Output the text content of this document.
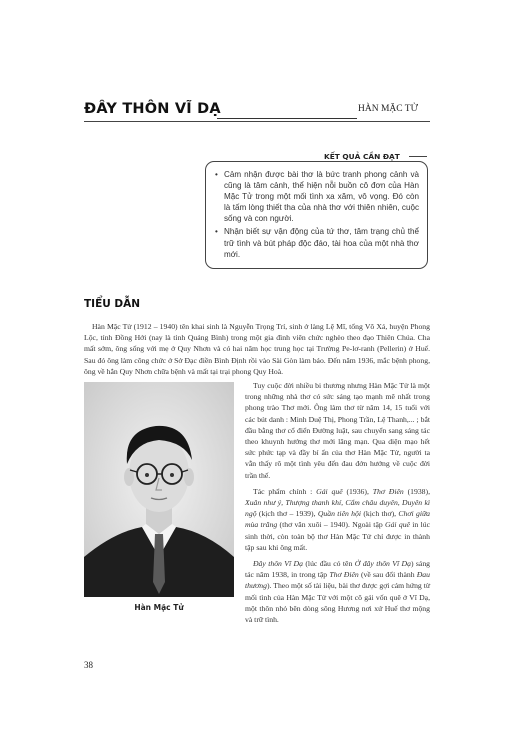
ĐÂY THÔN VĨ DẠ	HÀN MẶC TỬ
KẾT QUẢ CẦN ĐẠT

• Cảm nhận được bài thơ là bức tranh phong cảnh và cũng là tâm cảnh, thể hiện nỗi buồn cô đơn của Hàn Mặc Tử trong một mối tình xa xăm, vô vọng. Đó còn là tấm lòng thiết tha của nhà thơ với thiên nhiên, cuộc sống và con người.

• Nhận biết sự vận động của tứ thơ, tâm trạng chủ thể trữ tình và bút pháp độc đáo, tài hoa của một nhà thơ mới.

TIỂU DẪN

Hàn Mặc Tử (1912 – 1940) tên khai sinh là Nguyễn Trọng Trí, sinh ở làng Lệ Mĩ, tổng Võ Xá, huyện Phong Lộc, tỉnh Đồng Hới (nay là tỉnh Quảng Bình) trong một gia đình viên chức nghèo theo đạo Thiên Chúa. Cha mất sớm, ông sống với mẹ ở Quy Nhơn và có hai năm học trung học tại Trường Pe-lơ-ranh (Pellerin) ở Huế. Sau đó ông làm công chức ở Sở Đạc điền Bình Định rồi vào Sài Gòn làm báo. Đến năm 1936, mắc bệnh phong, ông về hẳn Quy Nhơn chữa bệnh và mất tại trại phong Quy Hoà.

Hàn Mặc Tử

Tuy cuộc đời nhiều bi thương nhưng Hàn Mặc Tử là một trong những nhà thơ có sức sáng tạo mạnh mẽ nhất trong phong trào Thơ mới. Ông làm thơ từ năm 14, 15 tuổi với các bút danh : Minh Duệ Thị, Phong Trần, Lệ Thanh,... ; bắt đầu bằng thơ cổ điển Đường luật, sau chuyển sang sáng tác theo khuynh hướng thơ mới lãng mạn. Qua diện mạo hết sức phức tạp và đầy bí ẩn của thơ Hàn Mặc Tử, người ta vẫn thấy rõ một tình yêu đến đau đớn hướng về cuộc đời trần thế.

Tác phẩm chính : Gái quê (1936), Thơ Điên (1938), Xuân như ý, Thượng thanh khí, Cẩm châu duyên, Duyên kì ngộ (kịch thơ – 1939), Quần tiên hội (kịch thơ), Chơi giữa mùa trăng (thơ văn xuôi – 1940). Ngoài tập Gái quê in lúc sinh thời, còn toàn bộ thơ Hàn Mặc Tử chỉ được in thành tập sau khi ông mất.

Đây thôn Vĩ Dạ (lúc đầu có tên Ở đây thôn Vĩ Dạ) sáng tác năm 1938, in trong tập Thơ Điên (về sau đổi thành Đau thương). Theo một số tài liệu, bài thơ được gợi cảm hứng từ mối tình của Hàn Mặc Tử với một cô gái vốn quê ở Vĩ Dạ, một thôn nhỏ bên dòng sông Hương nơi xứ Huế thơ mộng và trữ tình.

38
